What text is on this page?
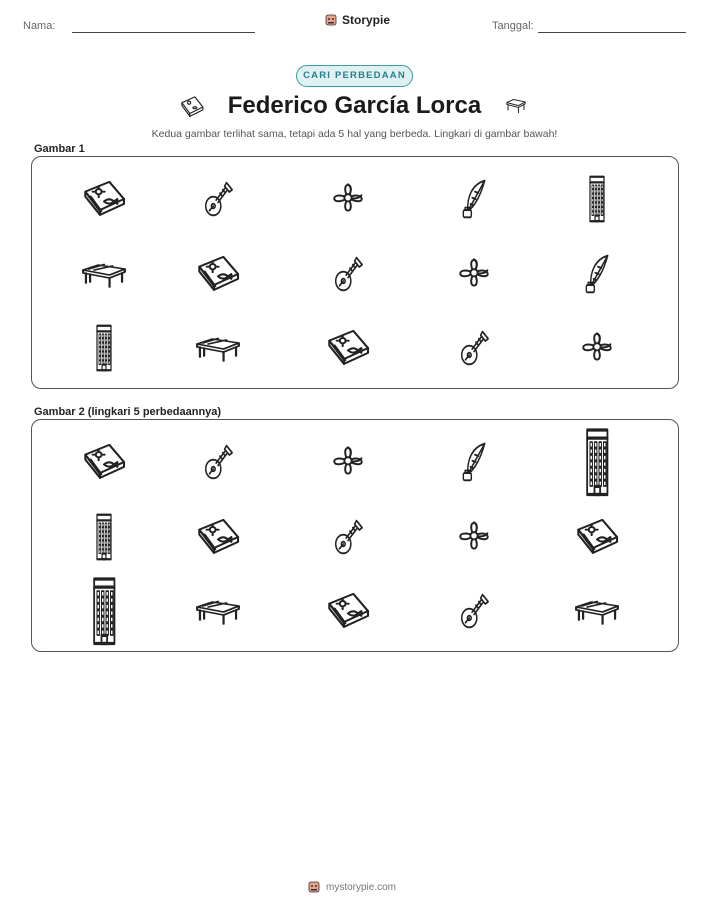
Nama:	Storypie	Tanggal:
CARI PERBEDAAN
Federico García Lorca
Kedua gambar terlihat sama, tetapi ada 5 hal yang berbeda. Lingkari di gambar bawah!
Gambar 1
Gambar 2 (lingkari 5 perbedaannya)
mystorypie.com
